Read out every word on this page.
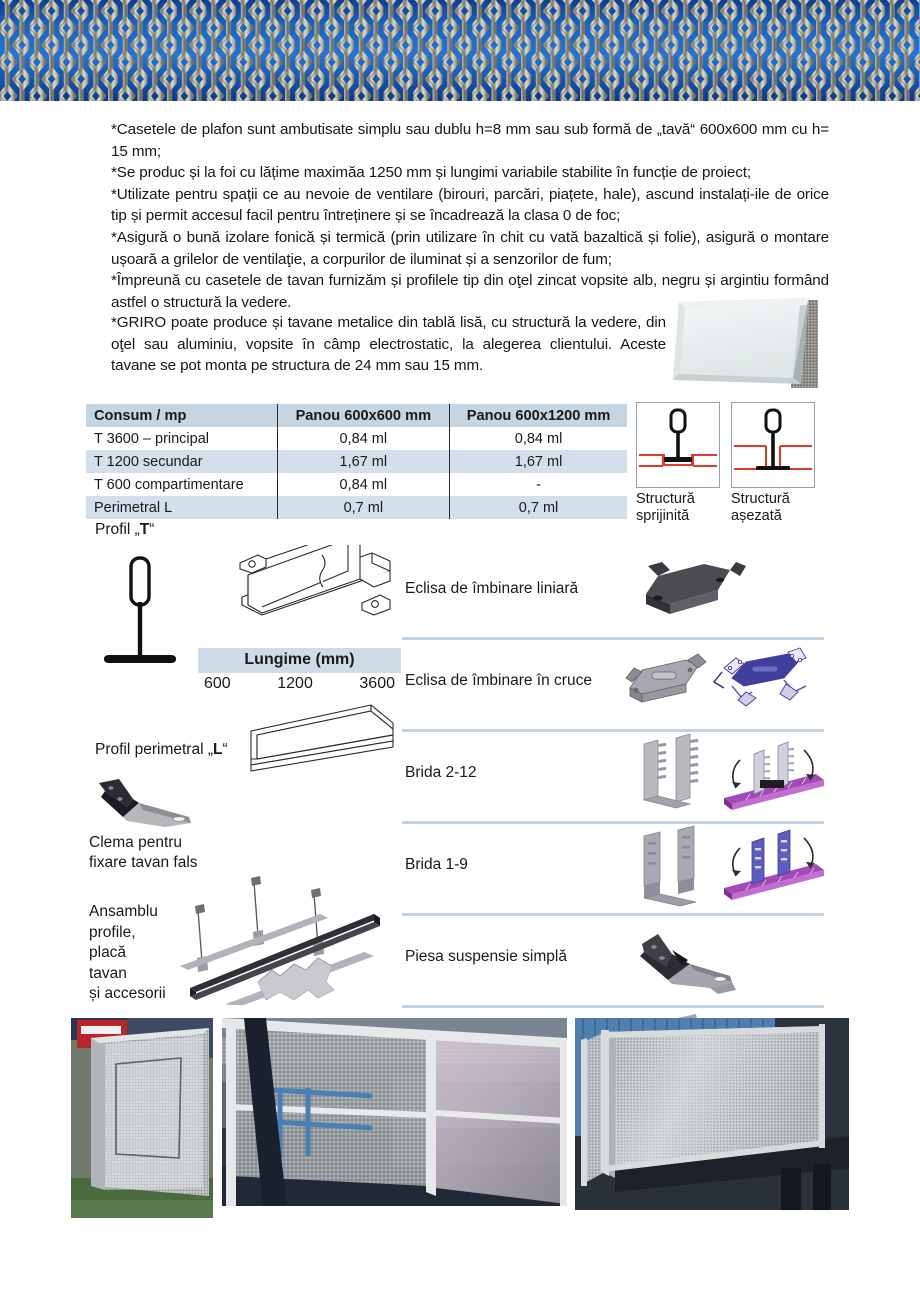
*Casetele de plafon sunt ambutisate simplu sau dublu h=8 mm sau sub formă de „tavă“ 600x600 mm cu h= 15 mm;

*Se produc și la foi cu lățime maximăa 1250 mm și lungimi variabile stabilite în funcție de proiect;

*Utilizate pentru spații ce au nevoie de ventilare (birouri, parcări, piațete, hale), ascund instalați-ile de orice tip și permit accesul facil pentru întreținere și se încadrează la clasa 0 de foc;

*Asigură o bună izolare fonică și termică (prin utilizare în chit cu vată bazaltică și folie), asigură o montare ușoară a grilelor de ventilaţie, a corpurilor de iluminat și a senzorilor de fum;

*Împreună cu casetele de tavan furnizăm și profilele tip din oţel zincat vopsite alb, negru și argintiu formând astfel o structură la vedere.

*GRIRO poate produce și tavane metalice din tablă lisă, cu structură la vedere, din oţel sau aluminiu, vopsite în câmp electrostatic, la alegerea clientului. Aceste tavane se pot monta pe structura de 24 mm sau 15 mm.

Consum / mp	Panou 600x600 mm	Panou 600x1200 mm
T 3600 – principal	0,84 ml	0,84 ml
T 1200 secundar	1,67 ml	1,67 ml
T 600 compartimentare	0,84 ml	-
Perimetral L	0,7 ml	0,7 ml
Structură
sprijinită
Structură
așezată
Profil „T“
Lungime (mm)
600	1200	3600
Profil perimetral „L“
Clema pentru
fixare tavan fals
Ansamblu
profile,
placă
tavan
și accesorii
Eclisa de îmbinare liniară
Eclisa de îmbinare în cruce
Brida 2-12
Brida 1-9
Piesa suspensie simplă
